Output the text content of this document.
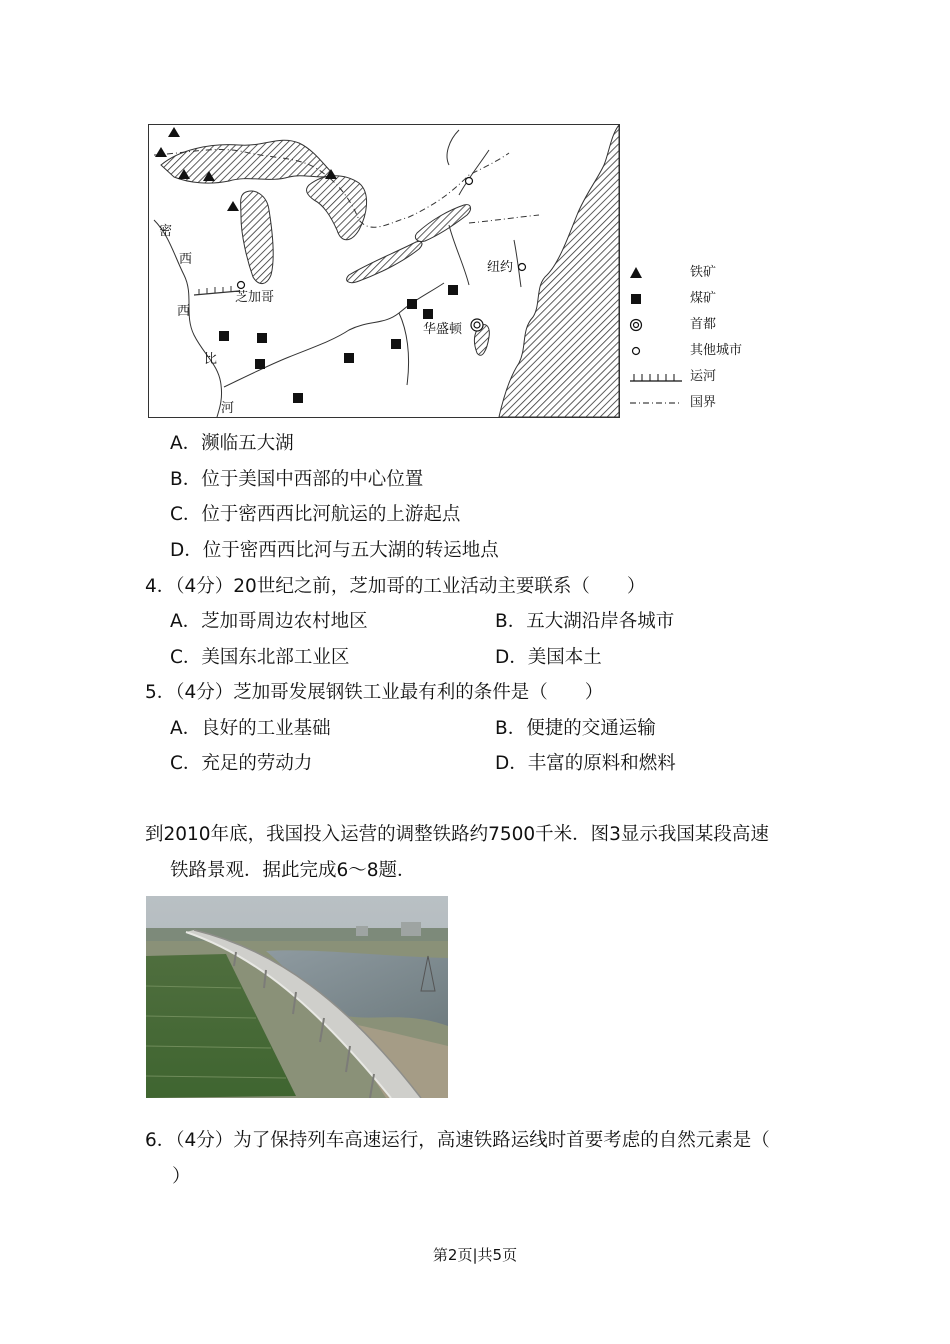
密
西
西
比
河
芝加哥
纽约
华盛顿
铁矿
煤矿
首都
其他城市
运河
国界
A．濒临五大湖
B．位于美国中西部的中心位置
C．位于密西西比河航运的上游起点
D．位于密西西比河与五大湖的转运地点
4．（4分）20世纪之前，芝加哥的工业活动主要联系（　　）
A．芝加哥周边农村地区	B．五大湖沿岸各城市
C．美国东北部工业区	D．美国本土
5．（4分）芝加哥发展钢铁工业最有利的条件是（　　）
A．良好的工业基础	B．便捷的交通运输
C．充足的劳动力	D．丰富的原料和燃料
到2010年底，我国投入运营的调整铁路约7500千米．图3显示我国某段高速
铁路景观．据此完成6～8题．
6．（4分）为了保持列车高速运行，高速铁路运线时首要考虑的自然元素是（
）
第2页|共5页
